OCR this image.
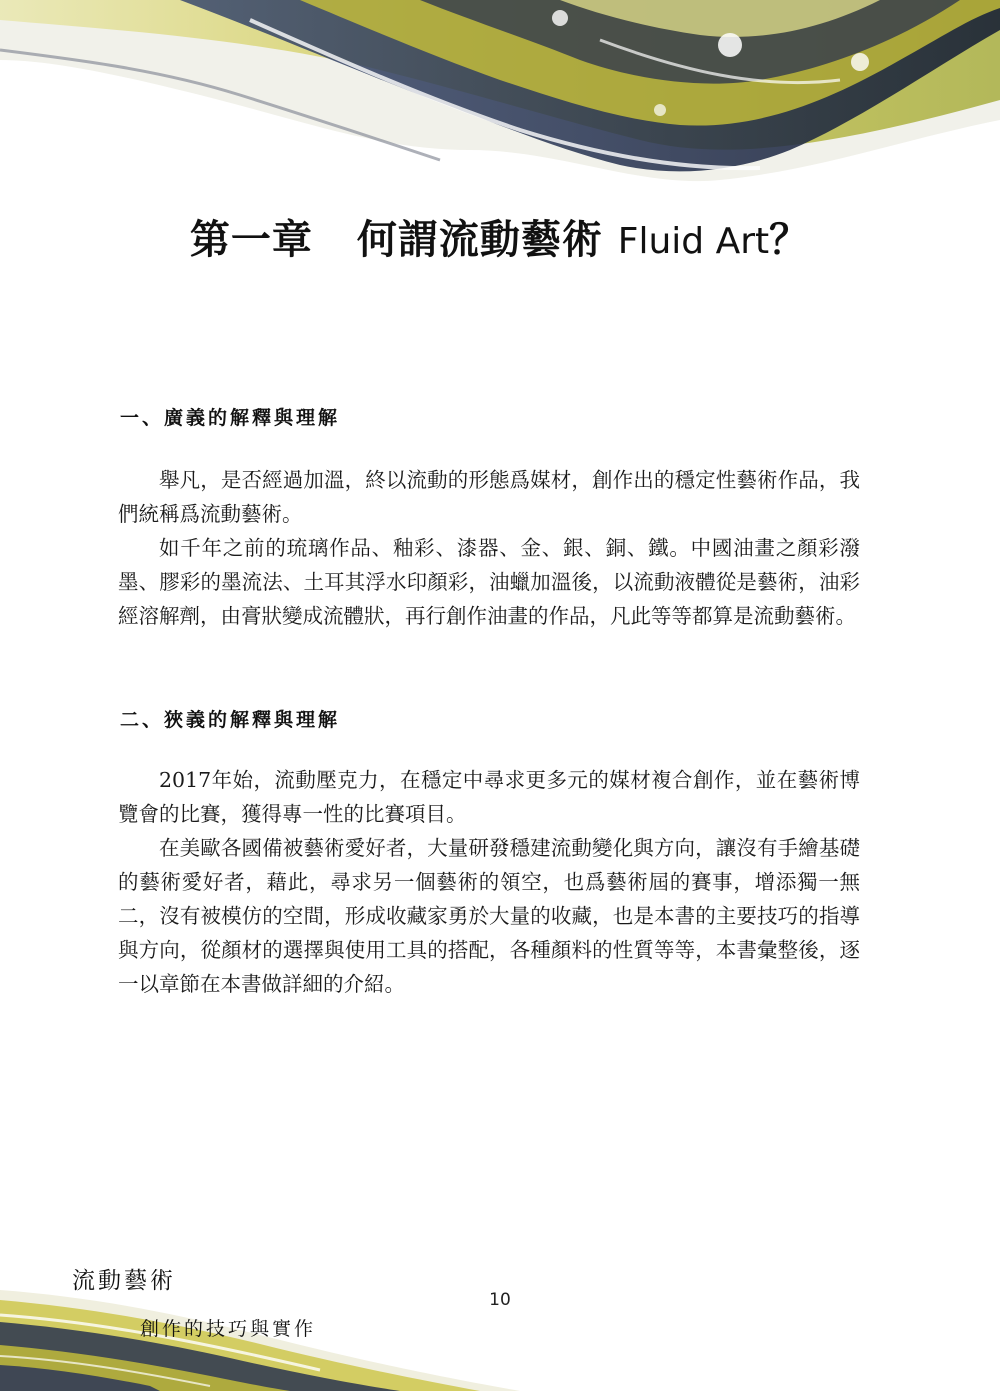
第一章 何謂流動藝術 Fluid Art？
一、廣義的解釋與理解

舉凡，是否經過加溫，終以流動的形態爲媒材，創作出的穩定性藝術作品，我們統稱爲流動藝術。

如千年之前的琉璃作品、釉彩、漆器、金、銀、銅、鐵。中國油畫之顏彩潑墨、膠彩的墨流法、土耳其浮水印顏彩，油蠟加溫後，以流動液體從是藝術，油彩經溶解劑，由膏狀變成流體狀，再行創作油畫的作品，凡此等等都算是流動藝術。

二、狹義的解釋與理解

2017年始，流動壓克力，在穩定中尋求更多元的媒材複合創作，並在藝術博覽會的比賽，獲得專一性的比賽項目。

在美歐各國備被藝術愛好者，大量研發穩建流動變化與方向，讓沒有手繪基礎的藝術愛好者，藉此，尋求另一個藝術的領空，也爲藝術屆的賽事，增添獨一無二，沒有被模仿的空間，形成收藏家勇於大量的收藏，也是本書的主要技巧的指導與方向，從顏材的選擇與使用工具的搭配，各種顏料的性質等等，本書彙整後，逐一以章節在本書做詳細的介紹。

流動藝術
創作的技巧與實作
10
